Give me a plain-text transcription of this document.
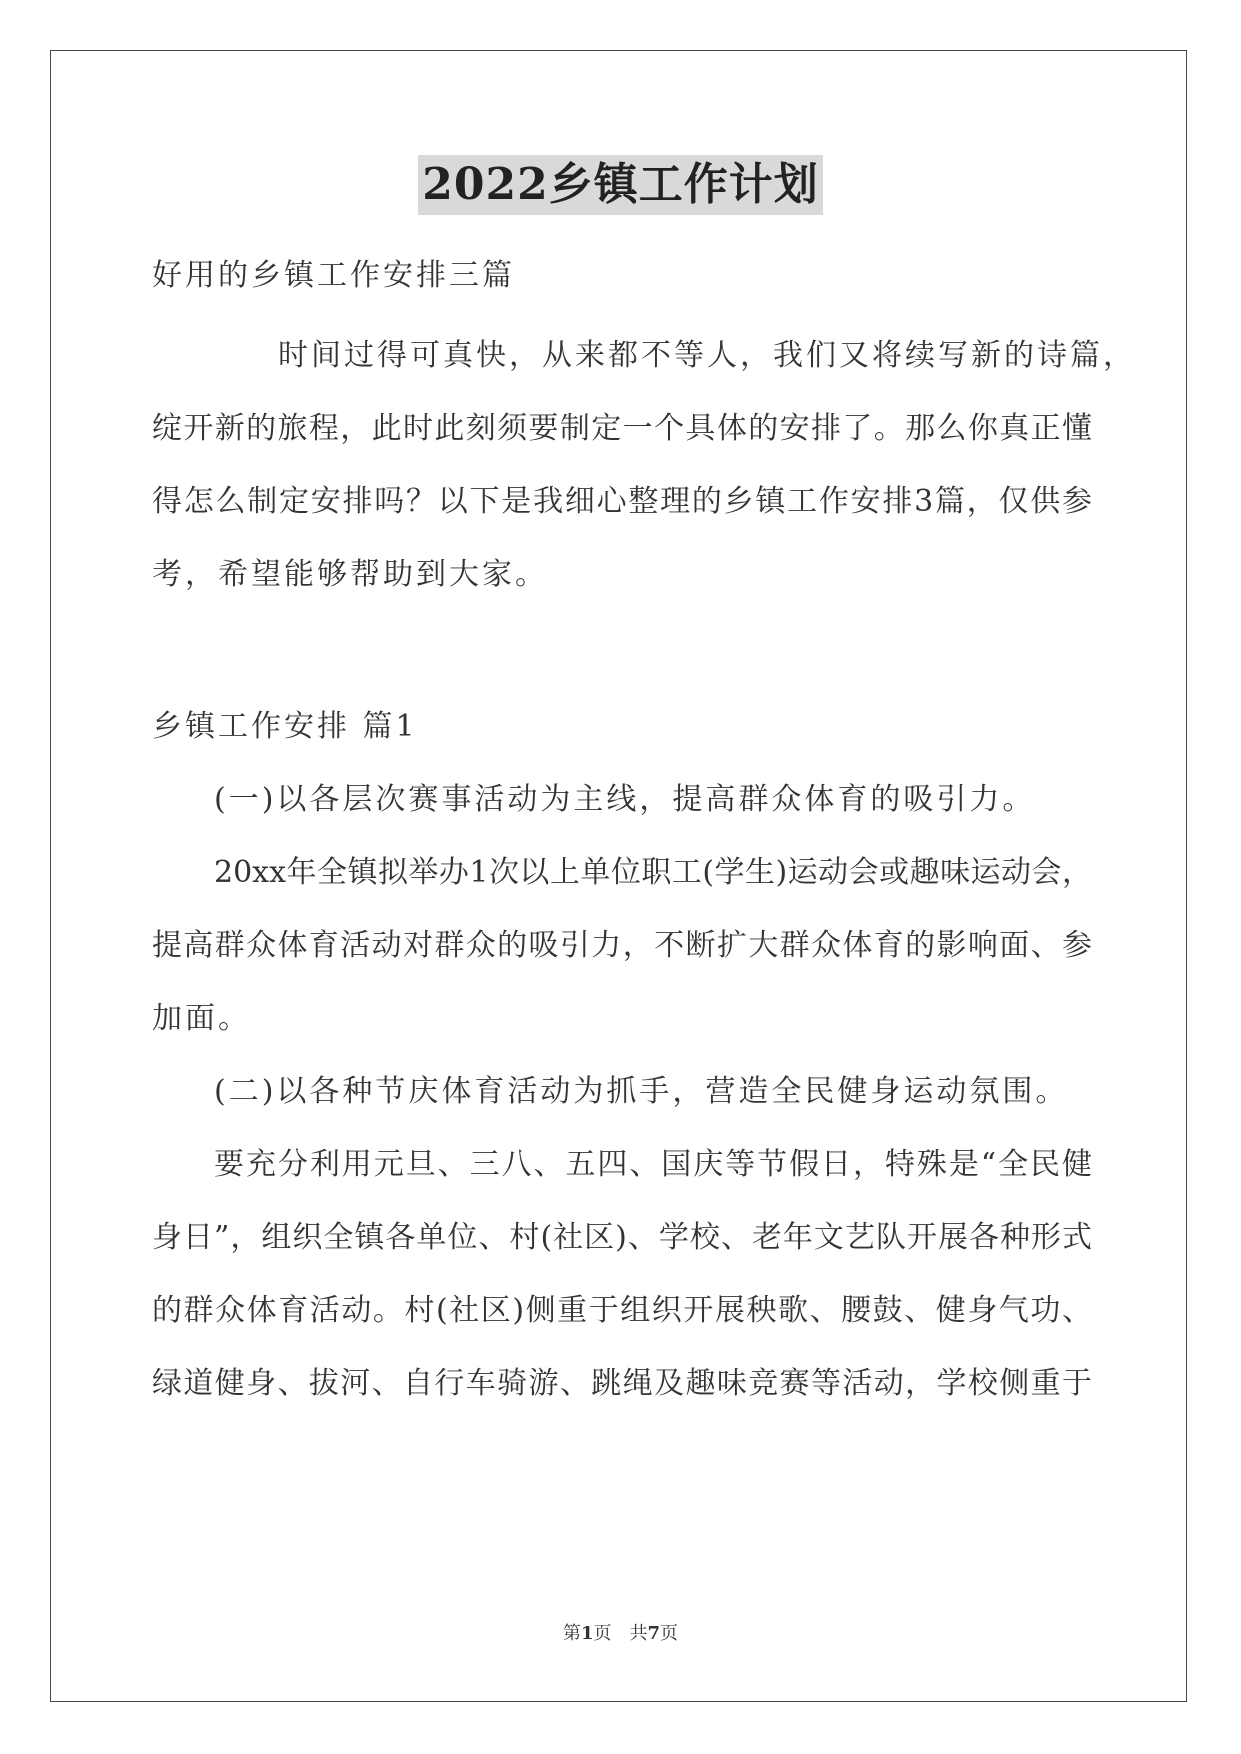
2022乡镇工作计划
好用的乡镇工作安排三篇
时间过得可真快，从来都不等人，我们又将续写新的诗篇，
绽开新的旅程，此时此刻须要制定一个具体的安排了。那么你真正懂
得怎么制定安排吗？以下是我细心整理的乡镇工作安排3篇，仅供参
考，希望能够帮助到大家。
乡镇工作安排 篇1
(一)以各层次赛事活动为主线，提高群众体育的吸引力。
20xx年全镇拟举办1次以上单位职工(学生)运动会或趣味运动会，
提高群众体育活动对群众的吸引力，不断扩大群众体育的影响面、参
加面。
(二)以各种节庆体育活动为抓手，营造全民健身运动氛围。
要充分利用元旦、三八、五四、国庆等节假日，特殊是“全民健
身日”，组织全镇各单位、村(社区)、学校、老年文艺队开展各种形式
的群众体育活动。村(社区)侧重于组织开展秧歌、腰鼓、健身气功、
绿道健身、拔河、自行车骑游、跳绳及趣味竞赛等活动，学校侧重于
第1页　共7页
